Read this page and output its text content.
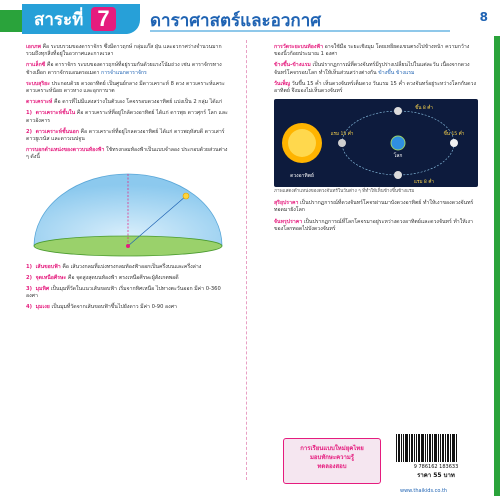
สาระที่ 7	ดาราศาสตร์และอวกาศ	8

เอกภพ คือ ระบบรวมของดาราจักร ซึ่งมีดาวฤกษ์ กลุ่มแก๊ส ฝุ่น และอวกาศว่างจำนวนมาก รวมถึงทุกสิ่งที่อยู่ในอวกาศและกาลเวลา

กาแล็กซี คือ ดาราจักร ระบบของดาวฤกษ์ที่อยู่รวมกันด้วยแรงโน้มถ่วง เช่น ดาราจักรทางช้างเผือก ดาราจักรแอนดรอเมดา การจำแนกดาราจักร

ระบบสุริยะ ประกอบด้วย ดวงอาทิตย์ เป็นศูนย์กลาง มีดาวเคราะห์ 8 ดวง ดาวเคราะห์แคระ ดาวเคราะห์น้อย ดาวหาง และอุกกาบาต

ดาวเคราะห์ คือ ดาวที่ไม่มีแสงสว่างในตัวเอง โคจรรอบดวงอาทิตย์ แบ่งเป็น 2 กลุ่ม ได้แก่

1) ดาวเคราะห์ชั้นใน คือ ดาวเคราะห์ที่อยู่ใกล้ดวงอาทิตย์ ได้แก่ ดาวพุธ ดาวศุกร์ โลก และดาวอังคาร

2) ดาวเคราะห์ชั้นนอก คือ ดาวเคราะห์ที่อยู่ไกลดวงอาทิตย์ ได้แก่ ดาวพฤหัสบดี ดาวเสาร์ ดาวยูเรนัส และดาวเนปจูน

การบอกตำแหน่งของดาวบนท้องฟ้า ใช้ทรงกลมท้องฟ้าเป็นแบบจำลอง ประกอบด้วยส่วนต่าง ๆ ดังนี้

1) เส้นขอบฟ้า คือ เส้นวงกลมที่แบ่งทรงกลมท้องฟ้าออกเป็นครึ่งบนและครึ่งล่าง

2) จุดเหนือศีรษะ คือ จุดสูงสุดบนท้องฟ้า ตรงเหนือศีรษะผู้สังเกตพอดี

3) มุมทิศ เป็นมุมที่วัดในแนวเส้นขอบฟ้า เริ่มจากทิศเหนือ ไปทางตะวันออก มีค่า 0-360 องศา

4) มุมเงย เป็นมุมที่วัดจากเส้นขอบฟ้าขึ้นไปยังดาว มีค่า 0-90 องศา

การวัดระยะบนท้องฟ้า อาจใช้มือ ระยะเชิงมุม โดยเหยียดแขนตรงไปข้างหน้า ความกว้างของนิ้วก้อยประมาณ 1 องศา

ข้างขึ้น-ข้างแรม เป็นปรากฏการณ์ที่ดวงจันทร์มีรูปร่างเปลี่ยนไปในแต่ละวัน เนื่องจากดวงจันทร์โคจรรอบโลก ทำให้เห็นส่วนสว่างต่างกัน ข้างขึ้น ข้างแรม

วันเพ็ญ วันขึ้น 15 ค่ำ เห็นดวงจันทร์เต็มดวง วันแรม 15 ค่ำ ดวงจันทร์อยู่ระหว่างโลกกับดวงอาทิตย์ จึงมองไม่เห็นดวงจันทร์

ดวงอาทิตย์
โลก
ขึ้น 15 ค่ำ
ขึ้น 8 ค่ำ
แรม 8 ค่ำ
แรม 15 ค่ำ
ภาพแสดงตำแหน่งของดวงจันทร์ในวันต่าง ๆ ที่ทำให้เห็นข้างขึ้นข้างแรม

สุริยุปราคา เป็นปรากฏการณ์ที่ดวงจันทร์โคจรผ่านมาบังดวงอาทิตย์ ทำให้เงาของดวงจันทร์ทอดมายังโลก

จันทรุปราคา เป็นปรากฏการณ์ที่โลกโคจรมาอยู่ระหว่างดวงอาทิตย์และดวงจันทร์ ทำให้เงาของโลกทอดไปบังดวงจันทร์

การเรียนแบบใหม่ยุคไทย
มอบทักษะความรู้
ทดลองสอบ	9 786162 183633
ราคา 55 บาท
www.thaikids.co.th
